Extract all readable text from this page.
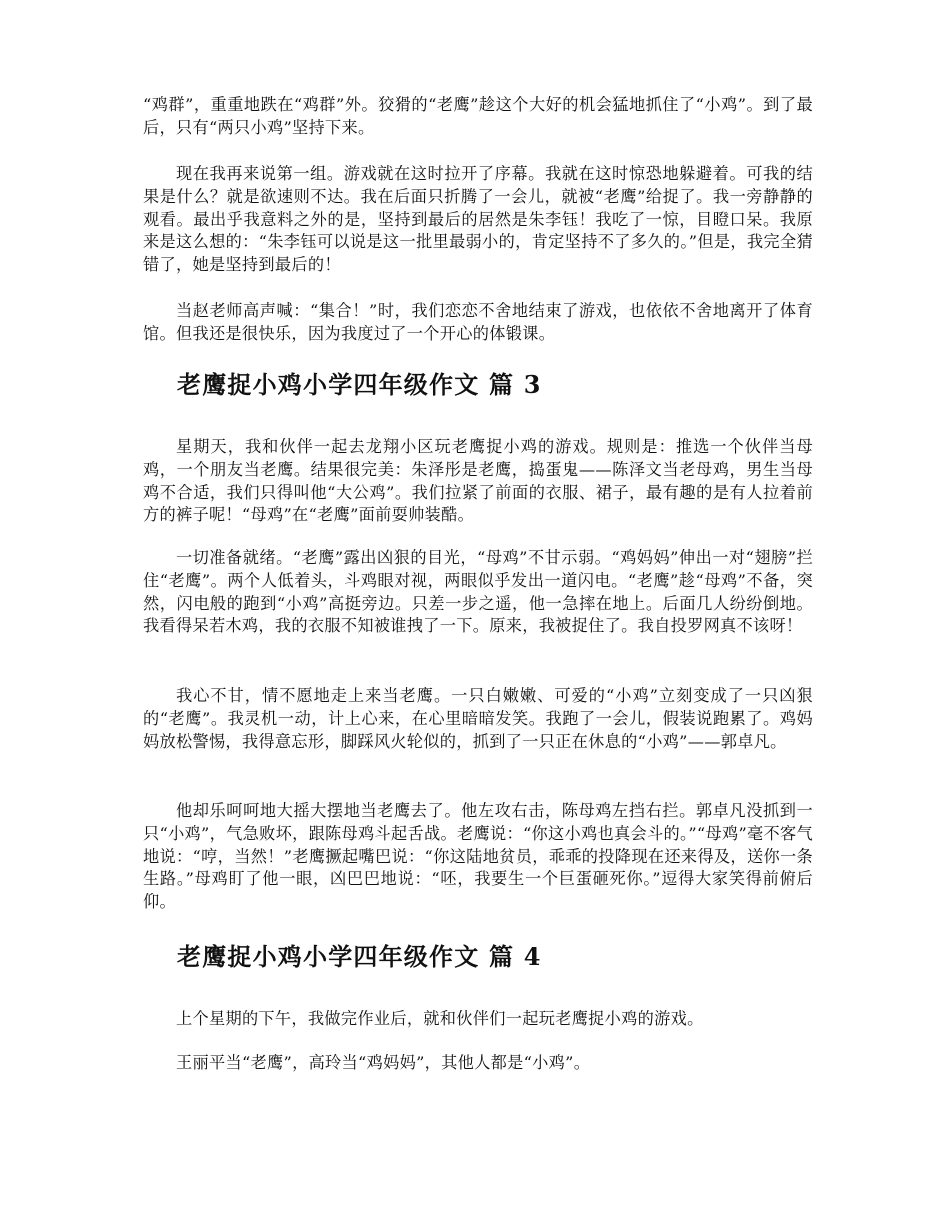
“鸡群”，重重地跌在“鸡群”外。狡猾的“老鹰”趁这个大好的机会猛地抓住了“小鸡”。到了最后，只有“两只小鸡”坚持下来。

现在我再来说第一组。游戏就在这时拉开了序幕。我就在这时惊恐地躲避着。可我的结果是什么？就是欲速则不达。我在后面只折腾了一会儿，就被“老鹰”给捉了。我一旁静静的观看。最出乎我意料之外的是，坚持到最后的居然是朱李钰！我吃了一惊，目瞪口呆。我原来是这么想的：“朱李钰可以说是这一批里最弱小的，肯定坚持不了多久的。”但是，我完全猜错了，她是坚持到最后的！

当赵老师高声喊：“集合！”时，我们恋恋不舍地结束了游戏，也依依不舍地离开了体育馆。但我还是很快乐，因为我度过了一个开心的体锻课。

老鹰捉小鸡小学四年级作文 篇 3

星期天，我和伙伴一起去龙翔小区玩老鹰捉小鸡的游戏。规则是：推选一个伙伴当母鸡，一个朋友当老鹰。结果很完美：朱泽彤是老鹰，捣蛋鬼——陈泽文当老母鸡，男生当母鸡不合适，我们只得叫他“大公鸡”。我们拉紧了前面的衣服、裙子，最有趣的是有人拉着前方的裤子呢！“母鸡”在“老鹰”面前耍帅装酷。

一切准备就绪。“老鹰”露出凶狠的目光，“母鸡”不甘示弱。“鸡妈妈”伸出一对“翅膀”拦住“老鹰”。两个人低着头，斗鸡眼对视，两眼似乎发出一道闪电。“老鹰”趁“母鸡”不备，突然，闪电般的跑到“小鸡”高挺旁边。只差一步之遥，他一急摔在地上。后面几人纷纷倒地。我看得呆若木鸡，我的衣服不知被谁拽了一下。原来，我被捉住了。我自投罗网真不该呀！

我心不甘，情不愿地走上来当老鹰。一只白嫩嫩、可爱的“小鸡”立刻变成了一只凶狠的“老鹰”。我灵机一动，计上心来，在心里暗暗发笑。我跑了一会儿，假装说跑累了。鸡妈妈放松警惕，我得意忘形，脚踩风火轮似的，抓到了一只正在休息的“小鸡”——郭卓凡。

他却乐呵呵地大摇大摆地当老鹰去了。他左攻右击，陈母鸡左挡右拦。郭卓凡没抓到一只“小鸡”，气急败坏，跟陈母鸡斗起舌战。老鹰说：“你这小鸡也真会斗的。”“母鸡”毫不客气地说：“哼，当然！”老鹰撅起嘴巴说：“你这陆地贫员，乖乖的投降现在还来得及，送你一条生路。”母鸡盯了他一眼，凶巴巴地说：“呸，我要生一个巨蛋砸死你。”逗得大家笑得前俯后仰。

老鹰捉小鸡小学四年级作文 篇 4

上个星期的下午，我做完作业后，就和伙伴们一起玩老鹰捉小鸡的游戏。

王丽平当“老鹰”，高玲当“鸡妈妈”，其他人都是“小鸡”。
